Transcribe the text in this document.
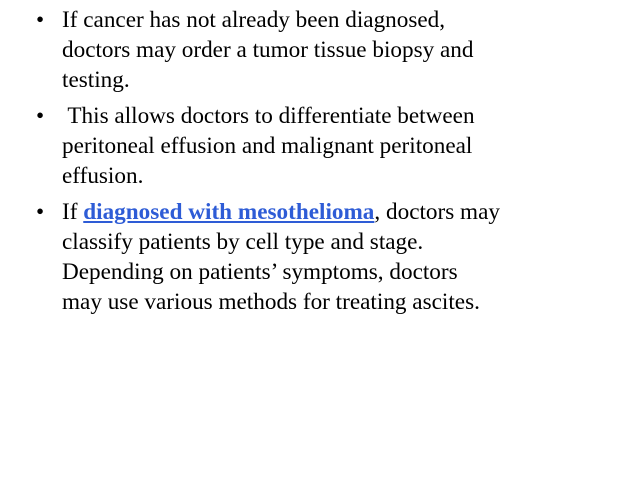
• If cancer has not already been diagnosed,
doctors may order a tumor tissue biopsy and
testing.
• This allows doctors to differentiate between
peritoneal effusion and malignant peritoneal
effusion.
• If diagnosed with mesothelioma, doctors may
classify patients by cell type and stage.
Depending on patients’ symptoms, doctors
may use various methods for treating ascites.
